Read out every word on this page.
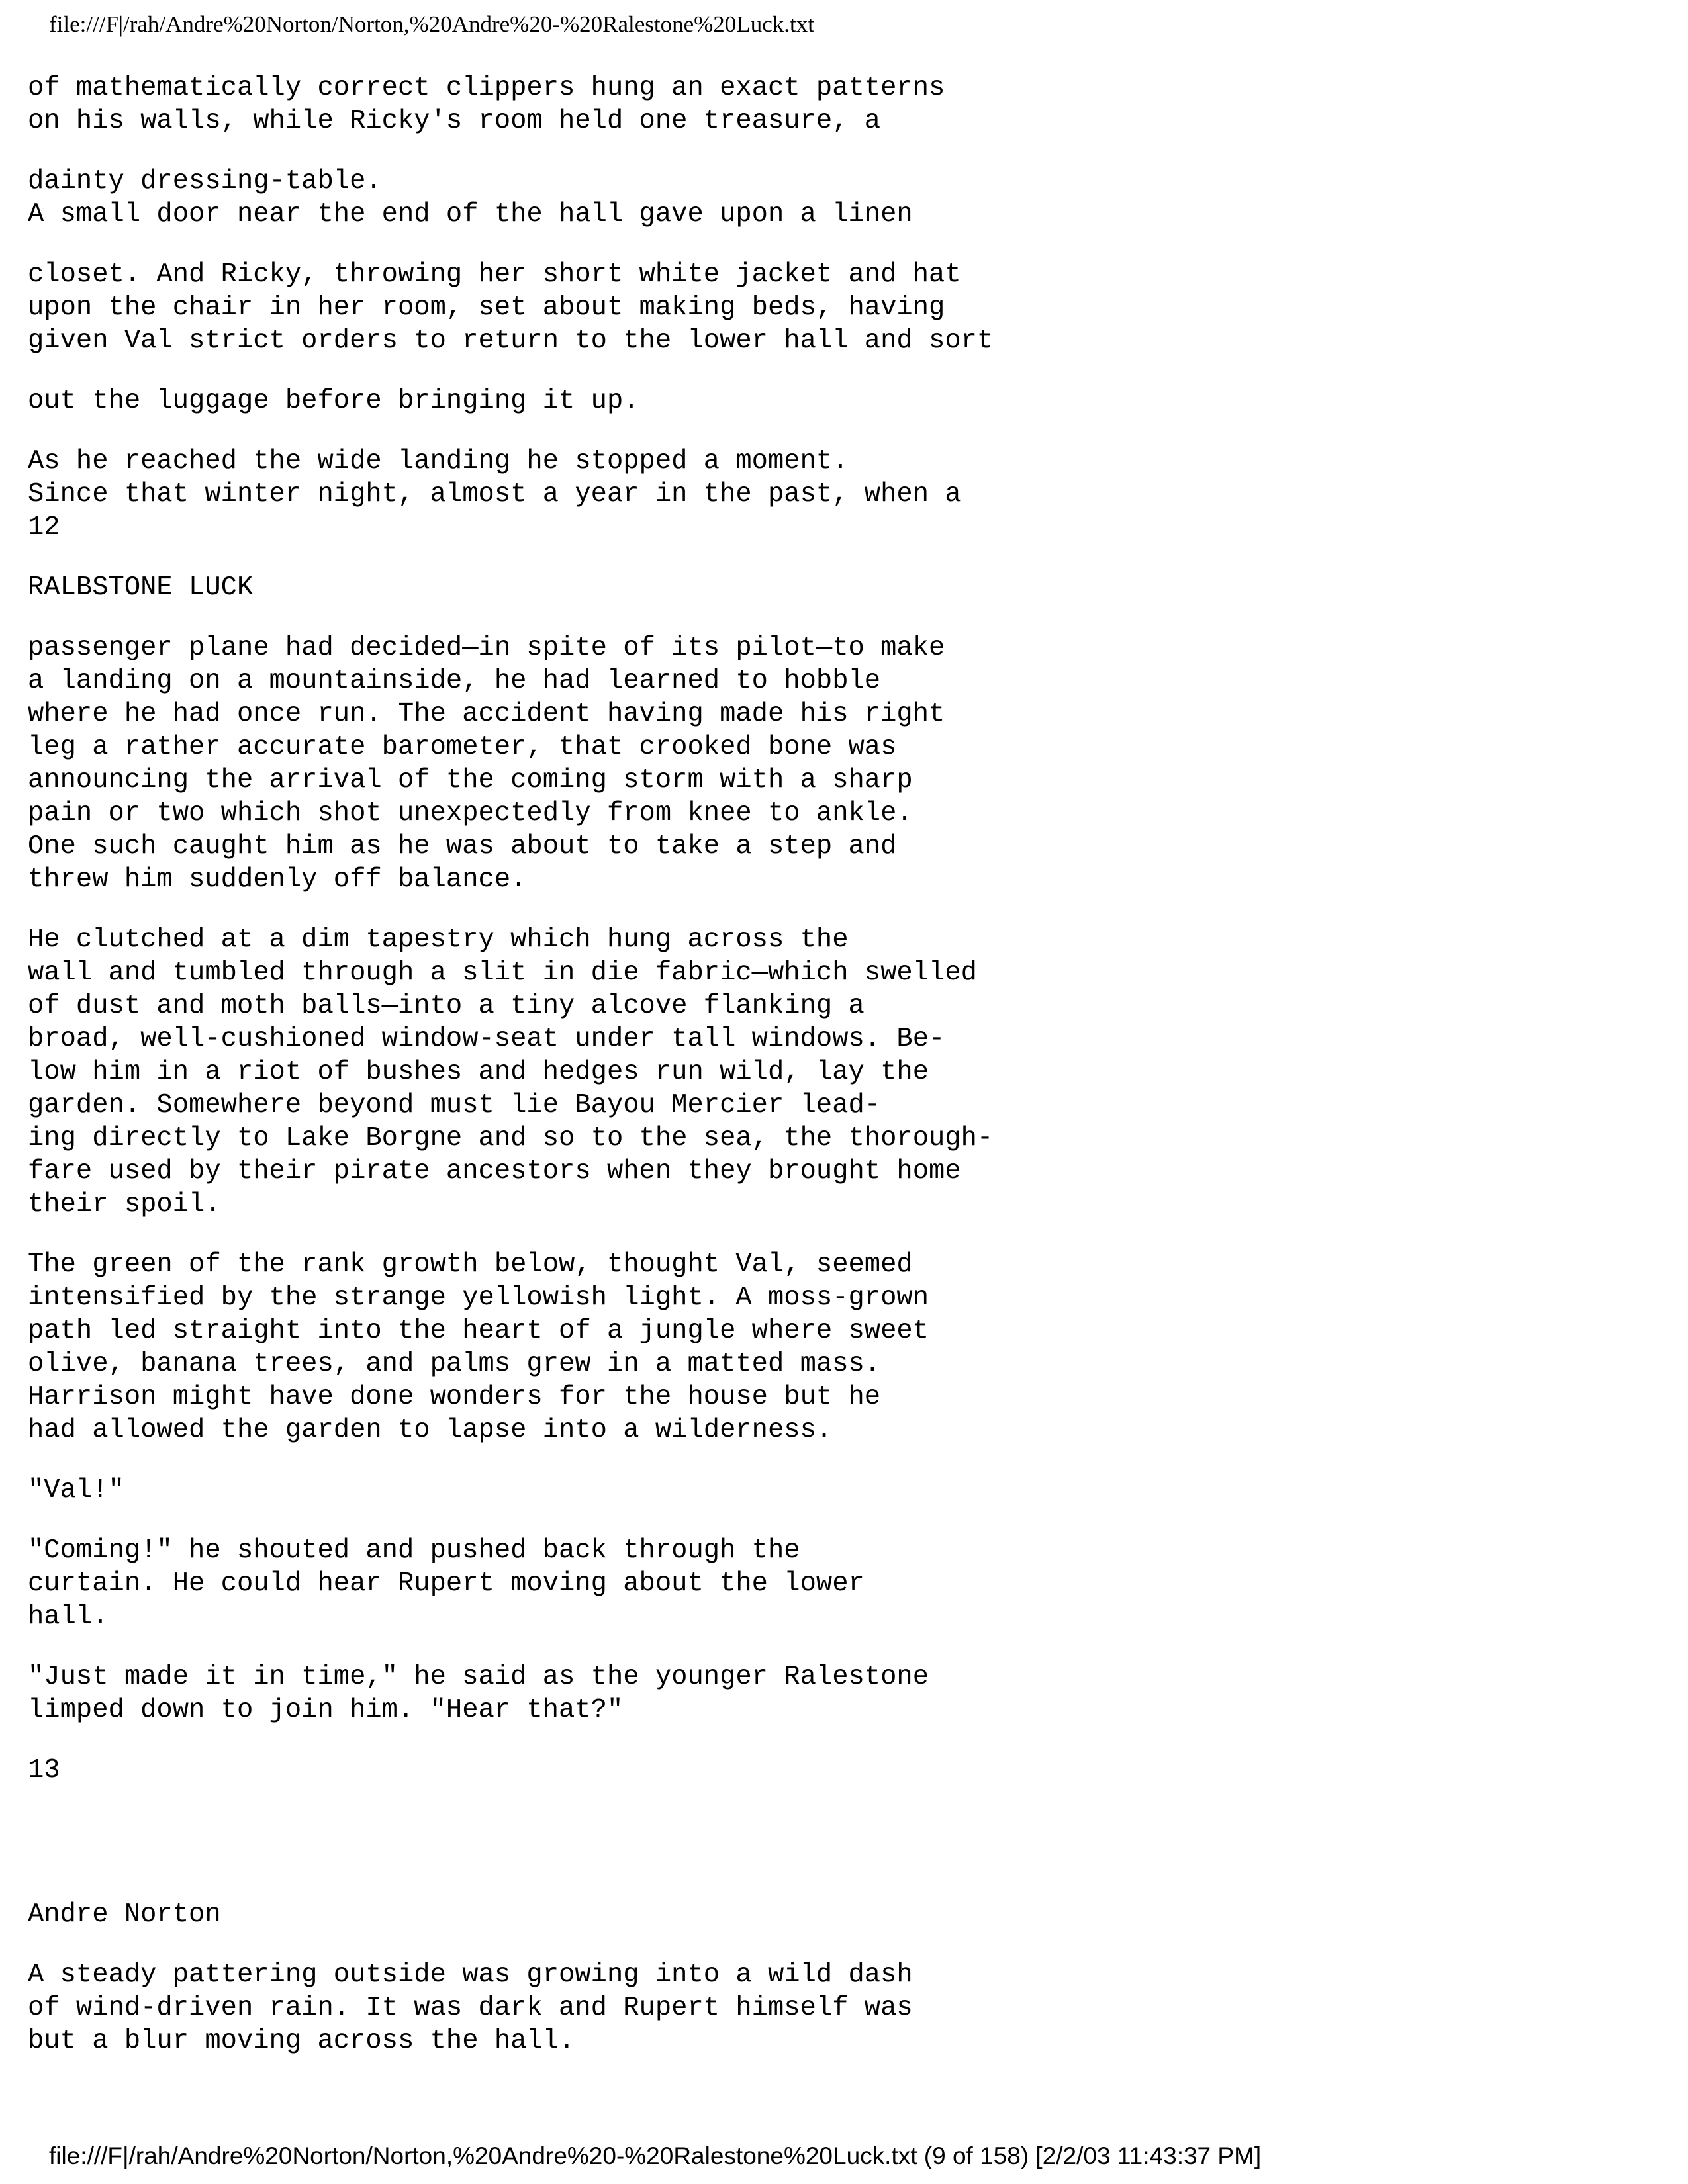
file:///F|/rah/Andre%20Norton/Norton,%20Andre%20-%20Ralestone%20Luck.txt

of mathematically correct clippers hung an exact patterns
on his walls, while Ricky's room held one treasure, a

dainty dressing-table.
A small door near the end of the hall gave upon a linen

closet. And Ricky, throwing her short white jacket and hat
upon the chair in her room, set about making beds, having
given Val strict orders to return to the lower hall and sort

out the luggage before bringing it up.

As he reached the wide landing he stopped a moment.
Since that winter night, almost a year in the past, when a
12

RALBSTONE LUCK

passenger plane had decided—in spite of its pilot—to make
a landing on a mountainside, he had learned to hobble
where he had once run. The accident having made his right
leg a rather accurate barometer, that crooked bone was
announcing the arrival of the coming storm with a sharp
pain or two which shot unexpectedly from knee to ankle.
One such caught him as he was about to take a step and
threw him suddenly off balance.

He clutched at a dim tapestry which hung across the
wall and tumbled through a slit in die fabric—which swelled
of dust and moth balls—into a tiny alcove flanking a
broad, well-cushioned window-seat under tall windows. Be-
low him in a riot of bushes and hedges run wild, lay the
garden. Somewhere beyond must lie Bayou Mercier lead-
ing directly to Lake Borgne and so to the sea, the thorough-
fare used by their pirate ancestors when they brought home
their spoil.

The green of the rank growth below, thought Val, seemed
intensified by the strange yellowish light. A moss-grown
path led straight into the heart of a jungle where sweet
olive, banana trees, and palms grew in a matted mass.
Harrison might have done wonders for the house but he
had allowed the garden to lapse into a wilderness.

"Val!"

"Coming!" he shouted and pushed back through the
curtain. He could hear Rupert moving about the lower
hall.

"Just made it in time," he said as the younger Ralestone
limped down to join him. "Hear that?"

13

Andre Norton

A steady pattering outside was growing into a wild dash
of wind-driven rain. It was dark and Rupert himself was
but a blur moving across the hall.

file:///F|/rah/Andre%20Norton/Norton,%20Andre%20-%20Ralestone%20Luck.txt (9 of 158) [2/2/03 11:43:37 PM]
